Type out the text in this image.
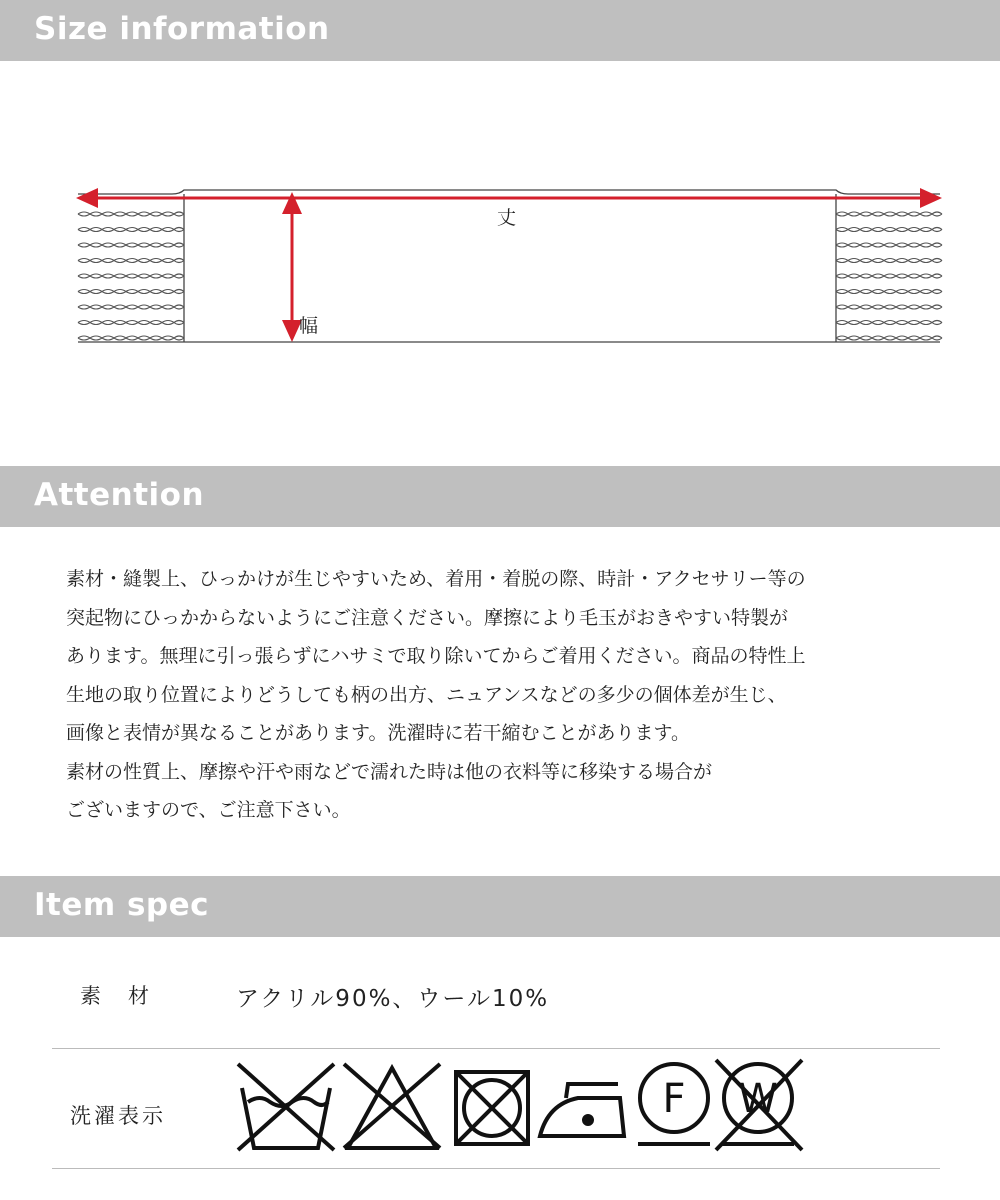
Size information
丈
幅
Attention
素材・縫製上、ひっかけが生じやすいため、着用・着脱の際、時計・アクセサリー等の
突起物にひっかからないようにご注意ください。摩擦により毛玉がおきやすい特製が
あります。無理に引っ張らずにハサミで取り除いてからご着用ください。商品の特性上
生地の取り位置によりどうしても柄の出方、ニュアンスなどの多少の個体差が生じ、
画像と表情が異なることがあります。洗濯時に若干縮むことがあります。
素材の性質上、摩擦や汗や雨などで濡れた時は他の衣料等に移染する場合が
ございますので、ご注意下さい。
Item spec
素　材	アクリル90%、ウール10%
洗濯表示	F W
